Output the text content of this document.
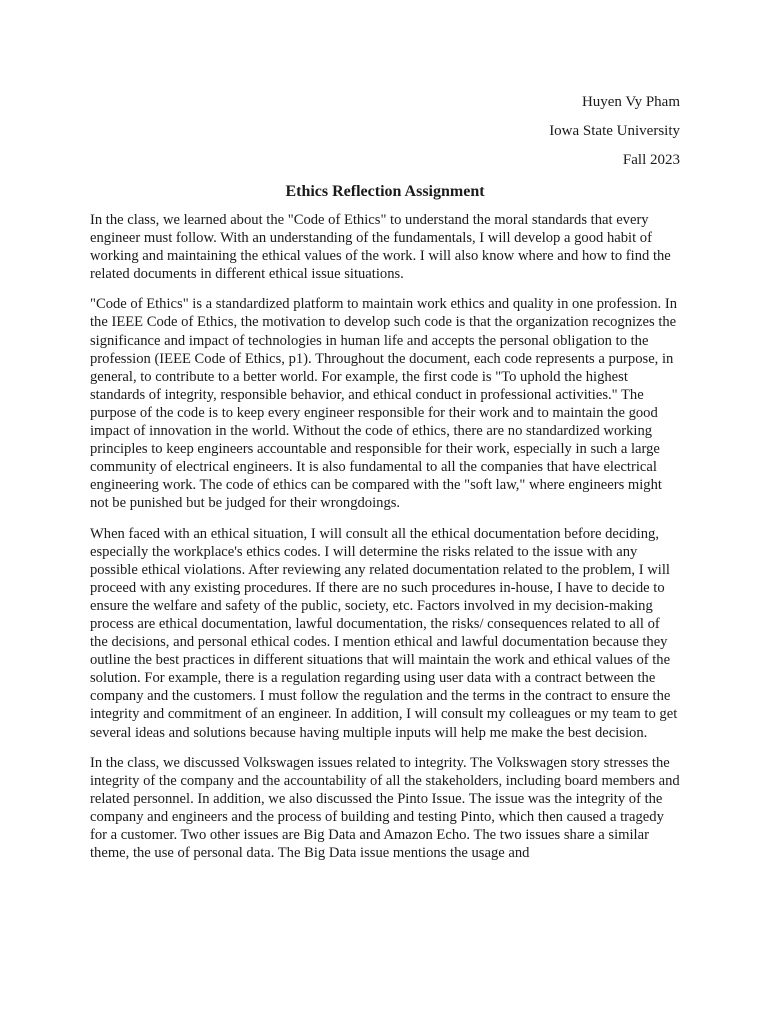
Huyen Vy Pham
Iowa State University
Fall 2023
Ethics Reflection Assignment

In the class, we learned about the "Code of Ethics" to understand the moral standards that every engineer must follow. With an understanding of the fundamentals, I will develop a good habit of working and maintaining the ethical values of the work. I will also know where and how to find the related documents in different ethical issue situations.

"Code of Ethics" is a standardized platform to maintain work ethics and quality in one profession. In the IEEE Code of Ethics, the motivation to develop such code is that the organization recognizes the significance and impact of technologies in human life and accepts the personal obligation to the profession (IEEE Code of Ethics, p1). Throughout the document, each code represents a purpose, in general, to contribute to a better world. For example, the first code is "To uphold the highest standards of integrity, responsible behavior, and ethical conduct in professional activities." The purpose of the code is to keep every engineer responsible for their work and to maintain the good impact of innovation in the world. Without the code of ethics, there are no standardized working principles to keep engineers accountable and responsible for their work, especially in such a large community of electrical engineers. It is also fundamental to all the companies that have electrical engineering work. The code of ethics can be compared with the "soft law," where engineers might not be punished but be judged for their wrongdoings.

When faced with an ethical situation, I will consult all the ethical documentation before deciding, especially the workplace's ethics codes. I will determine the risks related to the issue with any possible ethical violations. After reviewing any related documentation related to the problem, I will proceed with any existing procedures. If there are no such procedures in-house, I have to decide to ensure the welfare and safety of the public, society, etc. Factors involved in my decision-making process are ethical documentation, lawful documentation, the risks/ consequences related to all of the decisions, and personal ethical codes. I mention ethical and lawful documentation because they outline the best practices in different situations that will maintain the work and ethical values of the solution. For example, there is a regulation regarding using user data with a contract between the company and the customers. I must follow the regulation and the terms in the contract to ensure the integrity and commitment of an engineer. In addition, I will consult my colleagues or my team to get several ideas and solutions because having multiple inputs will help me make the best decision.

In the class, we discussed Volkswagen issues related to integrity. The Volkswagen story stresses the integrity of the company and the accountability of all the stakeholders, including board members and related personnel. In addition, we also discussed the Pinto Issue. The issue was the integrity of the company and engineers and the process of building and testing Pinto, which then caused a tragedy for a customer. Two other issues are Big Data and Amazon Echo. The two issues share a similar theme, the use of personal data. The Big Data issue mentions the usage and
